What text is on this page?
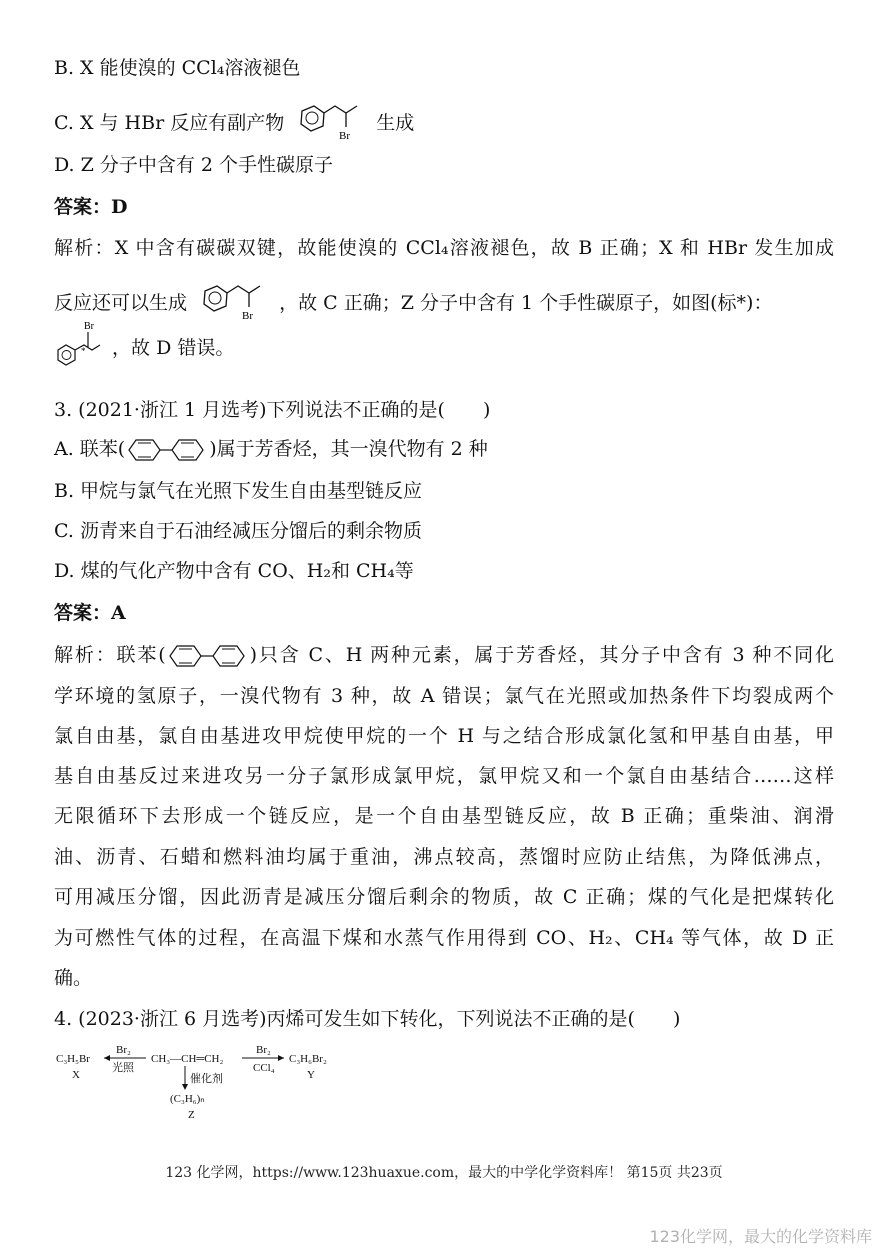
B. X 能使溴的 CCl₄溶液褪色
C. X 与 HBr 反应有副产物
Br
生成
D. Z 分子中含有 2 个手性碳原子
答案：D
解析：X 中含有碳碳双键，故能使溴的 CCl₄溶液褪色，故 B 正确；X 和 HBr 发生加成
反应还可以生成
Br
，故 C 正确；Z 分子中含有 1 个手性碳原子，如图(标*)：
Br
* ，故 D 错误。
3. (2021·浙江 1 月选考)下列说法不正确的是(　　)
A. 联苯(	)属于芳香烃，其一溴代物有 2 种
B. 甲烷与氯气在光照下发生自由基型链反应
C. 沥青来自于石油经减压分馏后的剩余物质
D. 煤的气化产物中含有 CO、H₂和 CH₄等
答案：A
解析：联苯(	)只含 C、H 两种元素，属于芳香烃，其分子中含有 3 种不同化
学环境的氢原子，一溴代物有 3 种，故 A 错误；氯气在光照或加热条件下均裂成两个
氯自由基，氯自由基进攻甲烷使甲烷的一个 H 与之结合形成氯化氢和甲基自由基，甲
基自由基反过来进攻另一分子氯形成氯甲烷，氯甲烷又和一个氯自由基结合……这样
无限循环下去形成一个链反应，是一个自由基型链反应，故 B 正确；重柴油、润滑
油、沥青、石蜡和燃料油均属于重油，沸点较高，蒸馏时应防止结焦，为降低沸点，
可用减压分馏，因此沥青是减压分馏后剩余的物质，故 C 正确；煤的气化是把煤转化
为可燃性气体的过程，在高温下煤和水蒸气作用得到 CO、H₂、CH₄ 等气体，故 D 正
确。
4. (2023·浙江 6 月选考)丙烯可发生如下转化，下列说法不正确的是(　　)
C₃H₅Br
X
Br₂
光照
CH₃—CH═CH₂
Br₂
CCl₄
C₃H₆Br₂
Y
催化剂
(C₃H₆)ₙ
Z
123 化学网，https://www.123huaxue.com，最大的中学化学资料库！ 第15页 共23页
123化学网，最大的化学资料库
